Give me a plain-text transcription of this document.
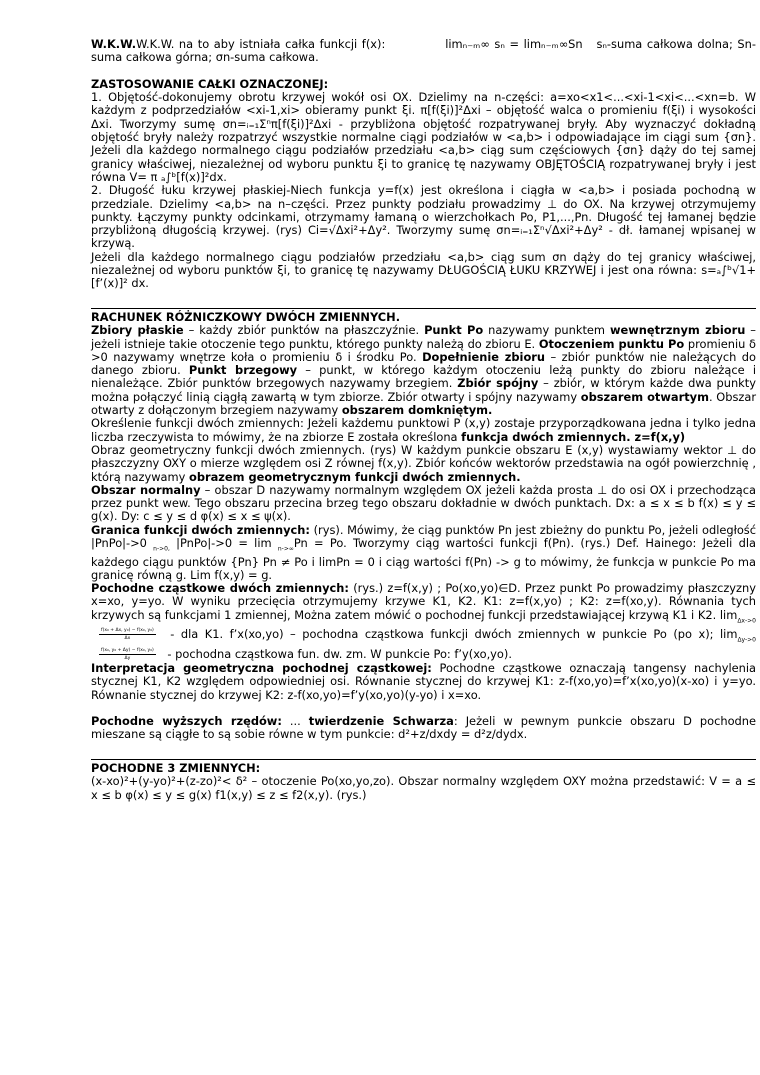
W.K.W.W.K.W. na to aby istniała całka funkcji f(x):             limₙ₋ₘ∞ sₙ = limₙ₋ₘ∞Sn   sₙ-suma całkowa dolna; Sn-suma całkowa górna; σn-suma całkowa.

ZASTOSOWANIE CAŁKI OZNACZONEJ:

1. Objętość-dokonujemy obrotu krzywej wokół osi OX. Dzielimy na n-części: a=xo<x1<...<xi-1<xi<...<xn=b. W każdym z podprzedziałów <xi-1,xi> obieramy punkt ξi. π[f(ξi)]²Δxi – objętość walca o promieniu f(ξi) i wysokości Δxi. Tworzymy sumę σn=ᵢ₌₁Σⁿπ[f(ξi)]²Δxi - przybliżona objętość rozpatrywanej bryły. Aby wyznaczyć dokładną objętość bryły należy rozpatrzyć wszystkie normalne ciągi podziałów w <a,b> i odpowiadające im ciągi sum {σn}. Jeżeli dla każdego normalnego ciągu podziałów przedziału <a,b> ciąg sum częściowych {σn} dąży do tej samej granicy właściwej, niezależnej od wyboru punktu ξi to granicę tę nazywamy OBJĘTOŚCIĄ rozpatrywanej bryły i jest równa V= π ₐ∫ᵇ[f(x)]²dx.

2. Długość łuku krzywej płaskiej-Niech funkcja y=f(x) jest określona i ciągła w <a,b> i posiada pochodną w przedziale. Dzielimy <a,b> na n–części. Przez punkty podziału prowadzimy ⊥ do OX. Na krzywej otrzymujemy punkty. Łączymy punkty odcinkami, otrzymamy łamaną o wierzchołkach Po, P1,...,Pn. Długość tej łamanej będzie przybliżoną długością krzywej. (rys) Ci=√Δxi²+Δy². Tworzymy sumę σn=ᵢ₌₁Σⁿ√Δxi²+Δy² - dł. łamanej wpisanej w krzywą.

Jeżeli dla każdego normalnego ciągu podziałów przedziału <a,b> ciąg sum σn dąży do tej granicy właściwej, niezależnej od wyboru punktów ξi, to granicę tę nazywamy DŁUGOŚCIĄ ŁUKU KRZYWEJ i jest ona równa: s=ₐ∫ᵇ√1+[f’(x)]² dx.

RACHUNEK RÓŻNICZKOWY DWÓCH ZMIENNYCH.

Zbiory płaskie – każdy zbiór punktów na płaszczyźnie. Punkt Po nazywamy punktem wewnętrznym zbioru – jeżeli istnieje takie otoczenie tego punktu, którego punkty należą do zbioru E. Otoczeniem punktu Po promieniu δ >0 nazywamy wnętrze koła o promieniu δ i środku Po. Dopełnienie zbioru – zbiór punktów nie należących do danego zbioru. Punkt brzegowy – punkt, w którego każdym otoczeniu leżą punkty do zbioru należące i nienależące. Zbiór punktów brzegowych nazywamy brzegiem. Zbiór spójny – zbiór, w którym każde dwa punkty można połączyć linią ciągłą zawartą w tym zbiorze. Zbiór otwarty i spójny nazywamy obszarem otwartym. Obszar otwarty z dołączonym brzegiem nazywamy obszarem domkniętym.

Określenie funkcji dwóch zmiennych: Jeżeli każdemu punktowi P (x,y) zostaje przyporządkowana jedna i tylko jedna liczba rzeczywista to mówimy, że na zbiorze E została określona funkcja dwóch zmiennych. z=f(x,y)

Obraz geometryczny funkcji dwóch zmiennych. (rys) W każdym punkcie obszaru E (x,y) wystawiamy wektor ⊥ do płaszczyzny OXY o mierze względem osi Z równej f(x,y). Zbiór końców wektorów przedstawia na ogół powierzchnię , którą nazywamy obrazem geometrycznym funkcji dwóch zmiennych.

Obszar normalny – obszar D nazywamy normalnym względem OX jeżeli każda prosta ⊥ do osi OX i przechodząca przez punkt wew. Tego obszaru przecina brzeg tego obszaru dokładnie w dwóch punktach. Dx: a ≤ x ≤ b f(x) ≤ y ≤ g(x). Dy: c ≤ y ≤ d φ(x) ≤ x ≤ ψ(x).

Granica funkcji dwóch zmiennych: (rys). Mówimy, że ciąg punktów Pn jest zbieżny do punktu Po, jeżeli odległość |PnPo|->0 $_{n->0,}$ |PnPo|->0 = lim $_{n->\infty}$Pn = Po. Tworzymy ciąg wartości funkcji f(Pn). (rys.) Def. Hainego: Jeżeli dla każdego ciągu punktów {Pn} Pn ≠ Po i limPn = 0 i ciąg wartości f(Pn) -> g to mówimy, że funkcja w punkcie Po ma granicę równą g. Lim f(x,y) = g.

Pochodne cząstkowe dwóch zmiennych: (rys.) z=f(x,y) ; Po(xo,yo)∈D. Przez punkt Po prowadzimy płaszczyzny x=xo, y=yo. W wyniku przecięcia otrzymujemy krzywe K1, K2. K1: z=f(x,yo) ; K2: z=f(xo,y). Równania tych krzywych są funkcjami 1 zmiennej, Można zatem mówić o pochodnej funkcji przedstawiającej krzywą K1 i K2. $\lim_{\Delta x->0}$
$\frac{\text{f(x₀ + Δx, y₀) − f(x₀, y₀)}}{\Delta x}$ - dla K1. f’x(xo,yo) – pochodna cząstkowa funkcji dwóch zmiennych w punkcie Po (po x); $\lim_{\Delta y->0}$
$\frac{\text{f(x₀, y₀ + Δy) − f(x₀, y₀)}}{\Delta y}$ - pochodna cząstkowa fun. dw. zm. W punkcie Po: f’y(xo,yo).

Interpretacja geometryczna pochodnej cząstkowej: Pochodne cząstkowe oznaczają tangensy nachylenia stycznej K1, K2 względem odpowiedniej osi. Równanie stycznej do krzywej K1: z-f(xo,yo)=f’x(xo,yo)(x-xo) i y=yo. Równanie stycznej do krzywej K2: z-f(xo,yo)=f’y(xo,yo)(y-yo) i x=xo.

Pochodne wyższych rzędów: ... twierdzenie Schwarza: Jeżeli w pewnym punkcie obszaru D pochodne mieszane są ciągłe to są sobie równe w tym punkcie: d²+z/dxdy = d²z/dydx.

POCHODNE 3 ZMIENNYCH:

(x-xo)²+(y-yo)²+(z-zo)²< δ² – otoczenie Po(xo,yo,zo). Obszar normalny względem OXY można przedstawić: V = a ≤ x ≤ b φ(x) ≤ y ≤ g(x) f1(x,y) ≤ z ≤ f2(x,y). (rys.)
